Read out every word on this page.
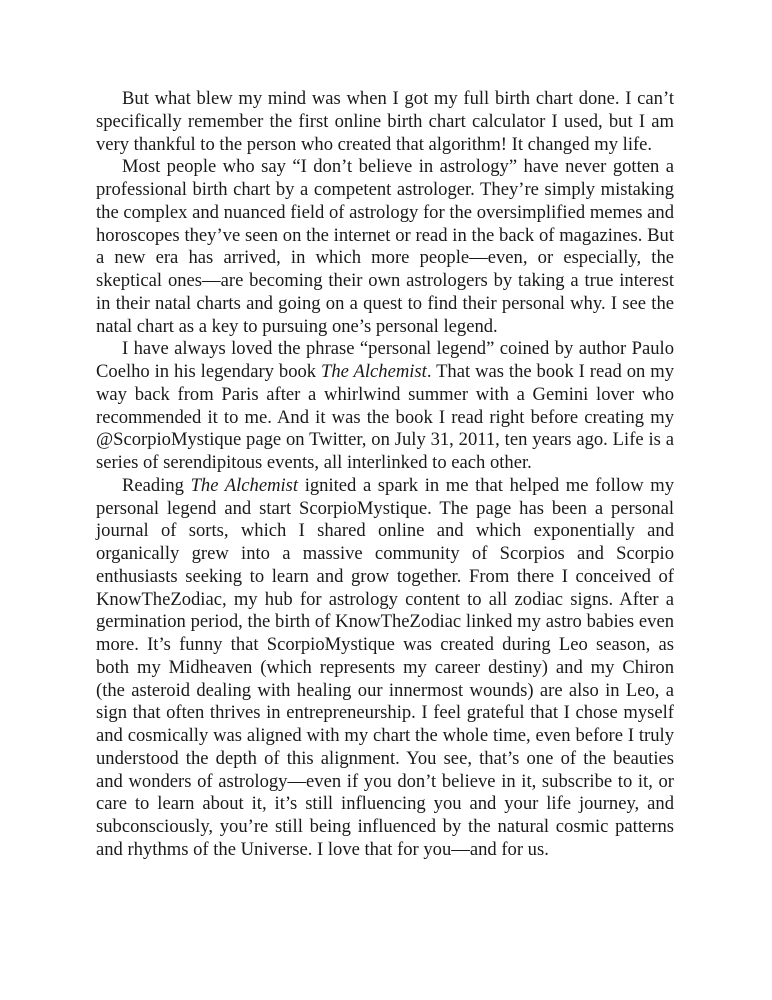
But what blew my mind was when I got my full birth chart done. I can’t specifically remember the first online birth chart calculator I used, but I am very thankful to the person who created that algorithm! It changed my life.

Most people who say “I don’t believe in astrology” have never gotten a professional birth chart by a competent astrologer. They’re simply mistaking the complex and nuanced field of astrology for the oversimplified memes and horoscopes they’ve seen on the internet or read in the back of magazines. But a new era has arrived, in which more people—even, or especially, the skeptical ones—are becoming their own astrologers by taking a true interest in their natal charts and going on a quest to find their personal why. I see the natal chart as a key to pursuing one’s personal legend.

I have always loved the phrase “personal legend” coined by author Paulo Coelho in his legendary book The Alchemist. That was the book I read on my way back from Paris after a whirlwind summer with a Gemini lover who recommended it to me. And it was the book I read right before creating my @ScorpioMystique page on Twitter, on July 31, 2011, ten years ago. Life is a series of serendipitous events, all interlinked to each other.

Reading The Alchemist ignited a spark in me that helped me follow my personal legend and start ScorpioMystique. The page has been a personal journal of sorts, which I shared online and which exponentially and organically grew into a massive community of Scorpios and Scorpio enthusiasts seeking to learn and grow together. From there I conceived of KnowTheZodiac, my hub for astrology content to all zodiac signs. After a germination period, the birth of KnowTheZodiac linked my astro babies even more. It’s funny that ScorpioMystique was created during Leo season, as both my Midheaven (which represents my career destiny) and my Chiron (the asteroid dealing with healing our innermost wounds) are also in Leo, a sign that often thrives in entrepreneurship. I feel grateful that I chose myself and cosmically was aligned with my chart the whole time, even before I truly understood the depth of this alignment. You see, that’s one of the beauties and wonders of astrology—even if you don’t believe in it, subscribe to it, or care to learn about it, it’s still influencing you and your life journey, and subconsciously, you’re still being influenced by the natural cosmic patterns and rhythms of the Universe. I love that for you—and for us.
